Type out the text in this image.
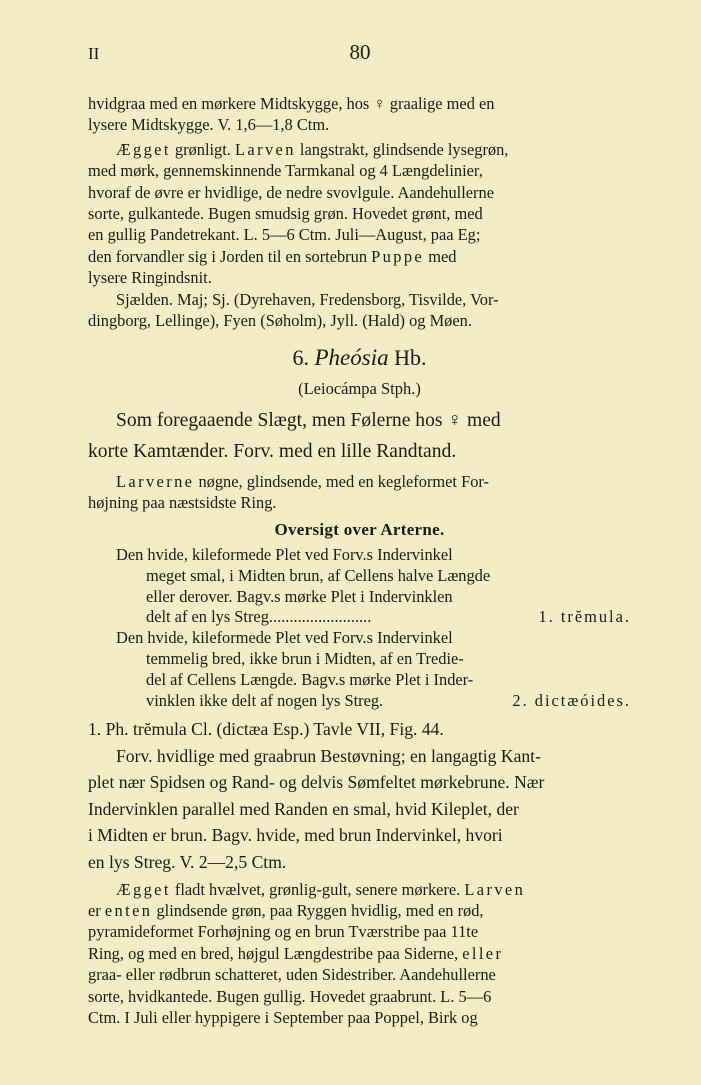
II	80

hvidgraa med en mørkere Midtskygge, hos ♀ graalige med en
lysere Midtskygge. V. 1,6—1,8 Ctm.

Ægget grønligt. Larven langstrakt, glindsende lysegrøn,
med mørk, gennemskinnende Tarmkanal og 4 Længdelinier,
hvoraf de øvre er hvidlige, de nedre svovlgule. Aandehullerne
sorte, gulkantede. Bugen smudsig grøn. Hovedet grønt, med
en gullig Pandetrekant. L. 5—6 Ctm. Juli—August, paa Eg;
den forvandler sig i Jorden til en sortebrun Puppe med
lysere Ringindsnit.

Sjælden. Maj; Sj. (Dyrehaven, Fredensborg, Tisvilde, Vor-
dingborg, Lellinge), Fyen (Søholm), Jyll. (Hald) og Møen.

6. Pheósia Hb.

(Leiocámpa Stph.)

Som foregaaende Slægt, men Følerne hos ♀ med
korte Kamtænder. Forv. med en lille Randtand.

Larverne nøgne, glindsende, med en kegleformet For-
højning paa næstsidste Ring.

Oversigt over Arterne.

Den hvide, kileformede Plet ved Forv.s Indervinkel
meget smal, i Midten brun, af Cellens halve Længde
eller derover. Bagv.s mørke Plet i Indervinklen
delt af en lys Streg.........................	1. trĕmula.
Den hvide, kileformede Plet ved Forv.s Indervinkel
temmelig bred, ikke brun i Midten, af en Tredie-
del af Cellens Længde. Bagv.s mørke Plet i Inder-
vinklen ikke delt af nogen lys Streg.	2. dictæóides.
1. Ph. trĕmula Cl. (dictæa Esp.) Tavle VII, Fig. 44.
Forv. hvidlige med graabrun Bestøvning; en langagtig Kant-
plet nær Spidsen og Rand- og delvis Sømfeltet mørkebrune. Nær
Indervinklen parallel med Randen en smal, hvid Kileplet, der
i Midten er brun. Bagv. hvide, med brun Indervinkel, hvori
en lys Streg. V. 2—2,5 Ctm.

Ægget fladt hvælvet, grønlig-gult, senere mørkere. Larven
er enten glindsende grøn, paa Ryggen hvidlig, med en rød,
pyramideformet Forhøjning og en brun Tværstribe paa 11te
Ring, og med en bred, højgul Længdestribe paa Siderne, eller
graa- eller rødbrun schatteret, uden Sidestriber. Aandehullerne
sorte, hvidkantede. Bugen gullig. Hovedet graabrunt. L. 5—6
Ctm. I Juli eller hyppigere i September paa Poppel, Birk og
